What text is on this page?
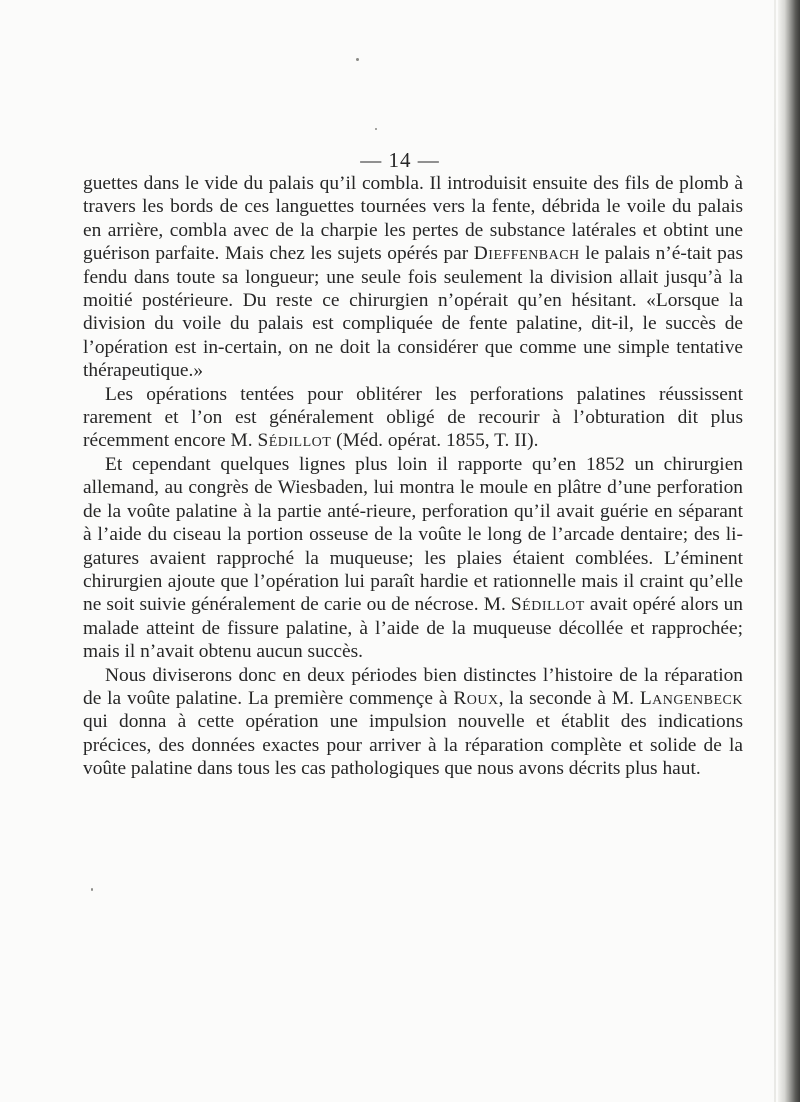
— 14 —

guettes dans le vide du palais qu’il combla. Il introduisit ensuite des fils de plomb à travers les bords de ces languettes tournées vers la fente, débrida le voile du palais en arrière, combla avec de la charpie les pertes de substance latérales et obtint une guérison parfaite. Mais chez les sujets opérés par Dieffenbach le palais n’é-tait pas fendu dans toute sa longueur; une seule fois seulement la division allait jusqu’à la moitié postérieure. Du reste ce chirurgien n’opérait qu’en hésitant. «Lorsque la division du voile du palais est compliquée de fente palatine, dit-il, le succès de l’opération est in-certain, on ne doit la considérer que comme une simple tentative thérapeutique.»

Les opérations tentées pour oblitérer les perforations palatines réussissent rarement et l’on est généralement obligé de recourir à l’obturation dit plus récemment encore M. Sédillot (Méd. opérat. 1855, T. II).

Et cependant quelques lignes plus loin il rapporte qu’en 1852 un chirurgien allemand, au congrès de Wiesbaden, lui montra le moule en plâtre d’une perforation de la voûte palatine à la partie anté-rieure, perforation qu’il avait guérie en séparant à l’aide du ciseau la portion osseuse de la voûte le long de l’arcade dentaire; des li-gatures avaient rapproché la muqueuse; les plaies étaient comblées. L’éminent chirurgien ajoute que l’opération lui paraît hardie et rationnelle mais il craint qu’elle ne soit suivie généralement de carie ou de nécrose. M. Sédillot avait opéré alors un malade atteint de fissure palatine, à l’aide de la muqueuse décollée et rapprochée; mais il n’avait obtenu aucun succès.

Nous diviserons donc en deux périodes bien distinctes l’histoire de la réparation de la voûte palatine. La première commençe à Roux, la seconde à M. Langenbeck qui donna à cette opération une impulsion nouvelle et établit des indications précices, des données exactes pour arriver à la réparation complète et solide de la voûte palatine dans tous les cas pathologiques que nous avons décrits plus haut.
